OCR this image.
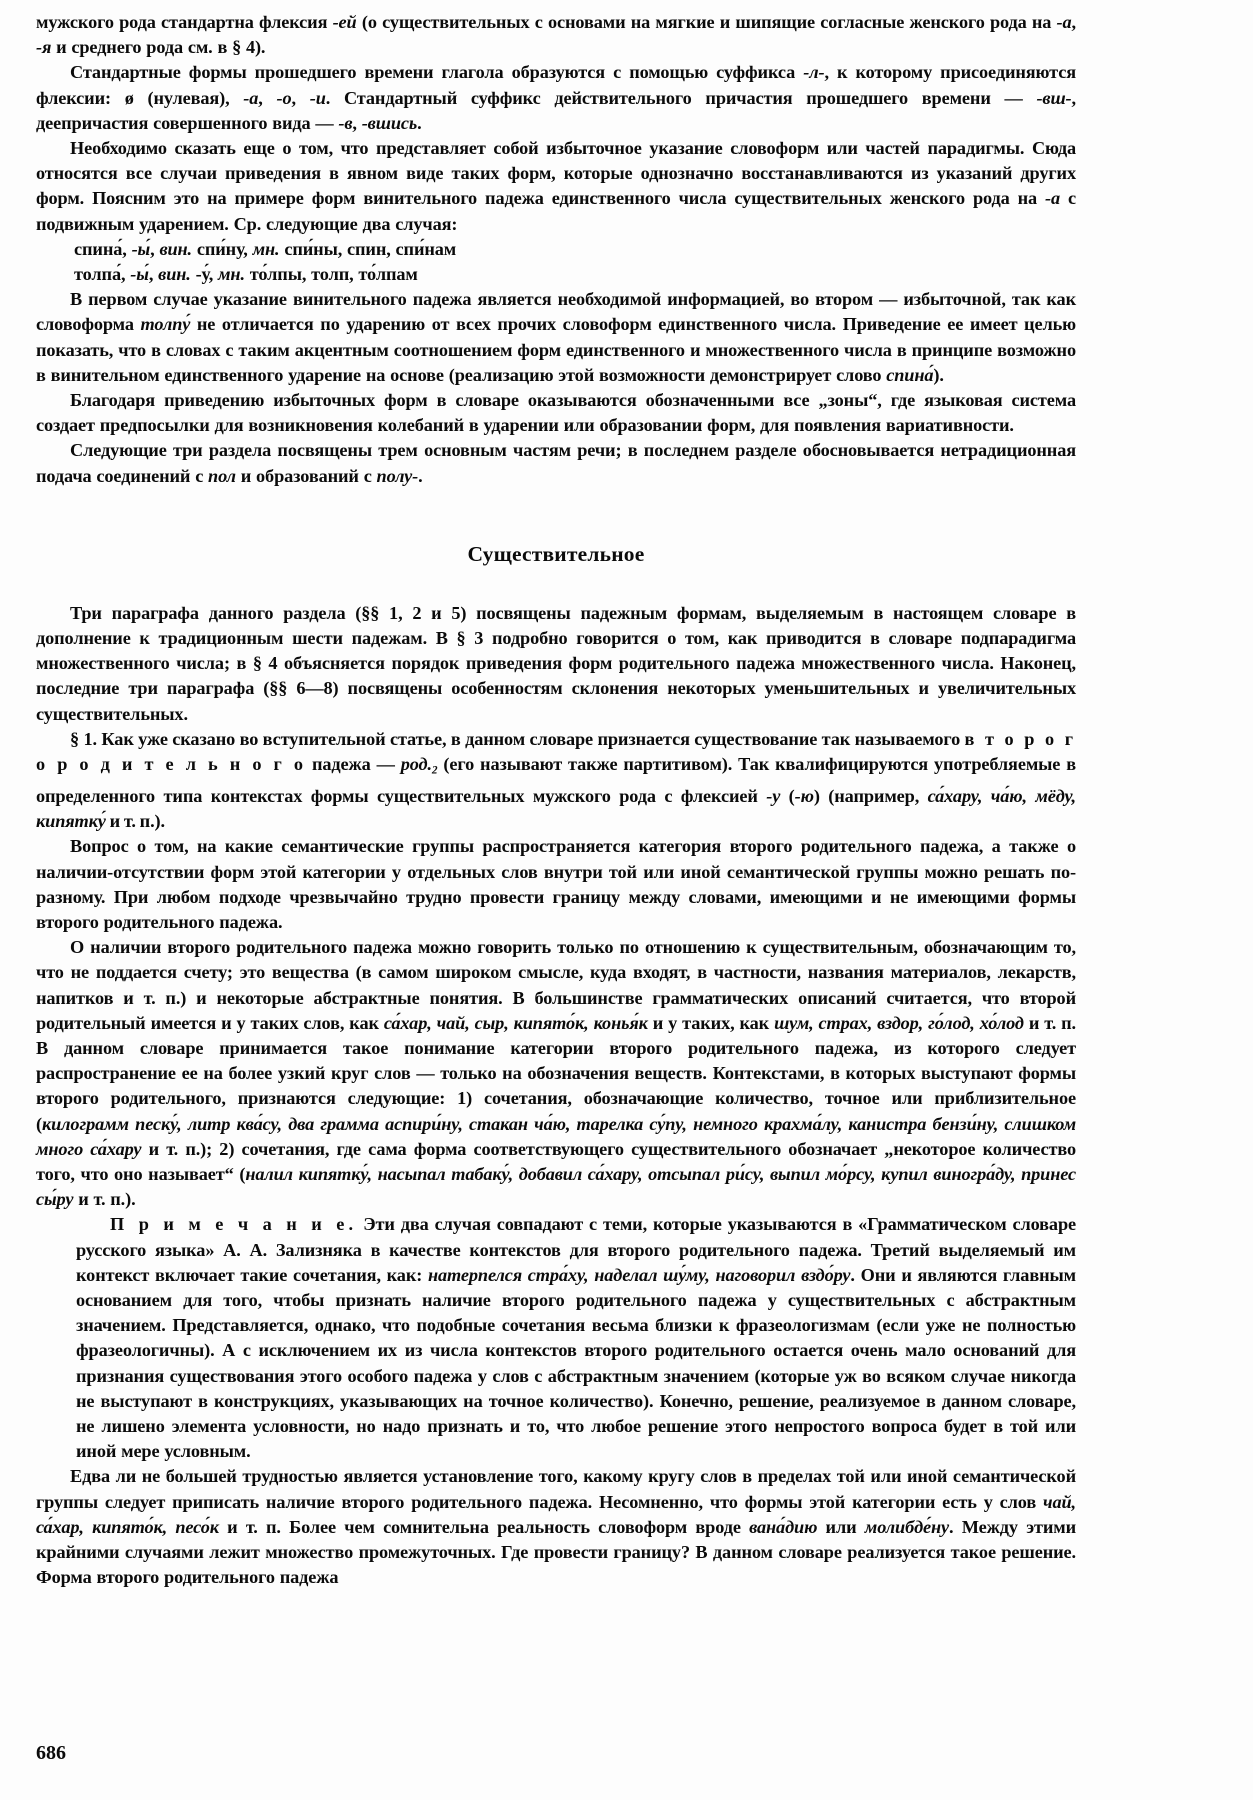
мужского рода стандартна флексия -ей (о существительных с основами на мягкие и шипящие согласные женского рода на -а, -я и среднего рода см. в § 4).

Стандартные формы прошедшего времени глагола образуются с помощью суффикса -л-, к которому присоединяются флексии: ø (нулевая), -а, -о, -и. Стандартный суффикс действительного причастия прошедшего времени — -вш-, деепричастия совершенного вида — -в, -вшись.

Необходимо сказать еще о том, что представляет собой избыточное указание словоформ или частей парадигмы. Сюда относятся все случаи приведения в явном виде таких форм, которые однозначно восстанавливаются из указаний других форм. Поясним это на примере форм винительного падежа единственного числа существительных женского рода на -а с подвижным ударением. Ср. следующие два случая:

спина́, -ы́, вин. спи́ну, мн. спи́ны, спин, спи́нам

толпа́, -ы́, вин. -у́, мн. то́лпы, толп, то́лпам

В первом случае указание винительного падежа является необходимой информацией, во втором — избыточной, так как словоформа толпу́ не отличается по ударению от всех прочих словоформ единственного числа. Приведение ее имеет целью показать, что в словах с таким акцентным соотношением форм единственного и множественного числа в принципе возможно в винительном единственного ударение на основе (реализацию этой возможности демонстрирует слово спина́).

Благодаря приведению избыточных форм в словаре оказываются обозначенными все „зоны“, где языковая система создает предпосылки для возникновения колебаний в ударении или образовании форм, для появления вариативности.

Следующие три раздела посвящены трем основным частям речи; в последнем разделе обосновывается нетрадиционная подача соединений с пол и образований с полу-.

Существительное

Три параграфа данного раздела (§§ 1, 2 и 5) посвящены падежным формам, выделяемым в настоящем словаре в дополнение к традиционным шести падежам. В § 3 подробно говорится о том, как приводится в словаре подпарадигма множественного числа; в § 4 объясняется порядок приведения форм родительного падежа множественного числа. Наконец, последние три параграфа (§§ 6—8) посвящены особенностям склонения некоторых уменьшительных и увеличительных существительных.

§ 1. Как уже сказано во вступительной статье, в данном словаре признается существование так называемого в т о р о г о р о д и т е л ь н о г о падежа — $род._2$ (его называют также партитивом). Так квалифицируются употребляемые в определенного типа контекстах формы существительных мужского рода с флексией -у (-ю) (например, са́хару, ча́ю, мёду, кипятку́ и т. п.).

Вопрос о том, на какие семантические группы распространяется категория второго родительного падежа, а также о наличии-отсутствии форм этой категории у отдельных слов внутри той или иной семантической группы можно решать по-разному. При любом подходе чрезвычайно трудно провести границу между словами, имеющими и не имеющими формы второго родительного падежа.

О наличии второго родительного падежа можно говорить только по отношению к существительным, обозначающим то, что не поддается счету; это вещества (в самом широком смысле, куда входят, в частности, названия материалов, лекарств, напитков и т. п.) и некоторые абстрактные понятия. В большинстве грамматических описаний считается, что второй родительный имеется и у таких слов, как са́хар, чай, сыр, кипято́к, конья́к и у таких, как шум, страх, вздор, го́лод, хо́лод и т. п. В данном словаре принимается такое понимание категории второго родительного падежа, из которого следует распространение ее на более узкий круг слов — только на обозначения веществ. Контекстами, в которых выступают формы второго родительного, признаются следующие: 1) сочетания, обозначающие количество, точное или приблизительное (килограмм песку́, литр ква́су, два грамма аспири́ну, стакан ча́ю, тарелка су́пу, немного крахма́лу, канистра бензи́ну, слишком много са́хару и т. п.); 2) сочетания, где сама форма соответствующего существительного обозначает „некоторое количество того, что оно называет“ (налил кипятку́, насыпал табаку́, добавил са́хару, отсыпал ри́су, выпил мо́рсу, купил виногра́ду, принес сы́ру и т. п.).

П р и м е ч а н и е. Эти два случая совпадают с теми, которые указываются в «Грамматическом словаре русского языка» А. А. Зализняка в качестве контекстов для второго родительного падежа. Третий выделяемый им контекст включает такие сочетания, как: натерпелся стра́ху, наделал шу́му, наговорил вздо́ру. Они и являются главным основанием для того, чтобы признать наличие второго родительного падежа у существительных с абстрактным значением. Представляется, однако, что подобные сочетания весьма близки к фразеологизмам (если уже не полностью фразеологичны). А с исключением их из числа контекстов второго родительного остается очень мало оснований для признания существования этого особого падежа у слов с абстрактным значением (которые уж во всяком случае никогда не выступают в конструкциях, указывающих на точное количество). Конечно, решение, реализуемое в данном словаре, не лишено элемента условности, но надо признать и то, что любое решение этого непростого вопроса будет в той или иной мере условным.

Едва ли не большей трудностью является установление того, какому кругу слов в пределах той или иной семантической группы следует приписать наличие второго родительного падежа. Несомненно, что формы этой категории есть у слов чай, са́хар, кипято́к, песо́к и т. п. Более чем сомнительна реальность словоформ вроде вана́дию или молибде́ну. Между этими крайними случаями лежит множество промежуточных. Где провести границу? В данном словаре реализуется такое решение. Форма второго родительного падежа

686
